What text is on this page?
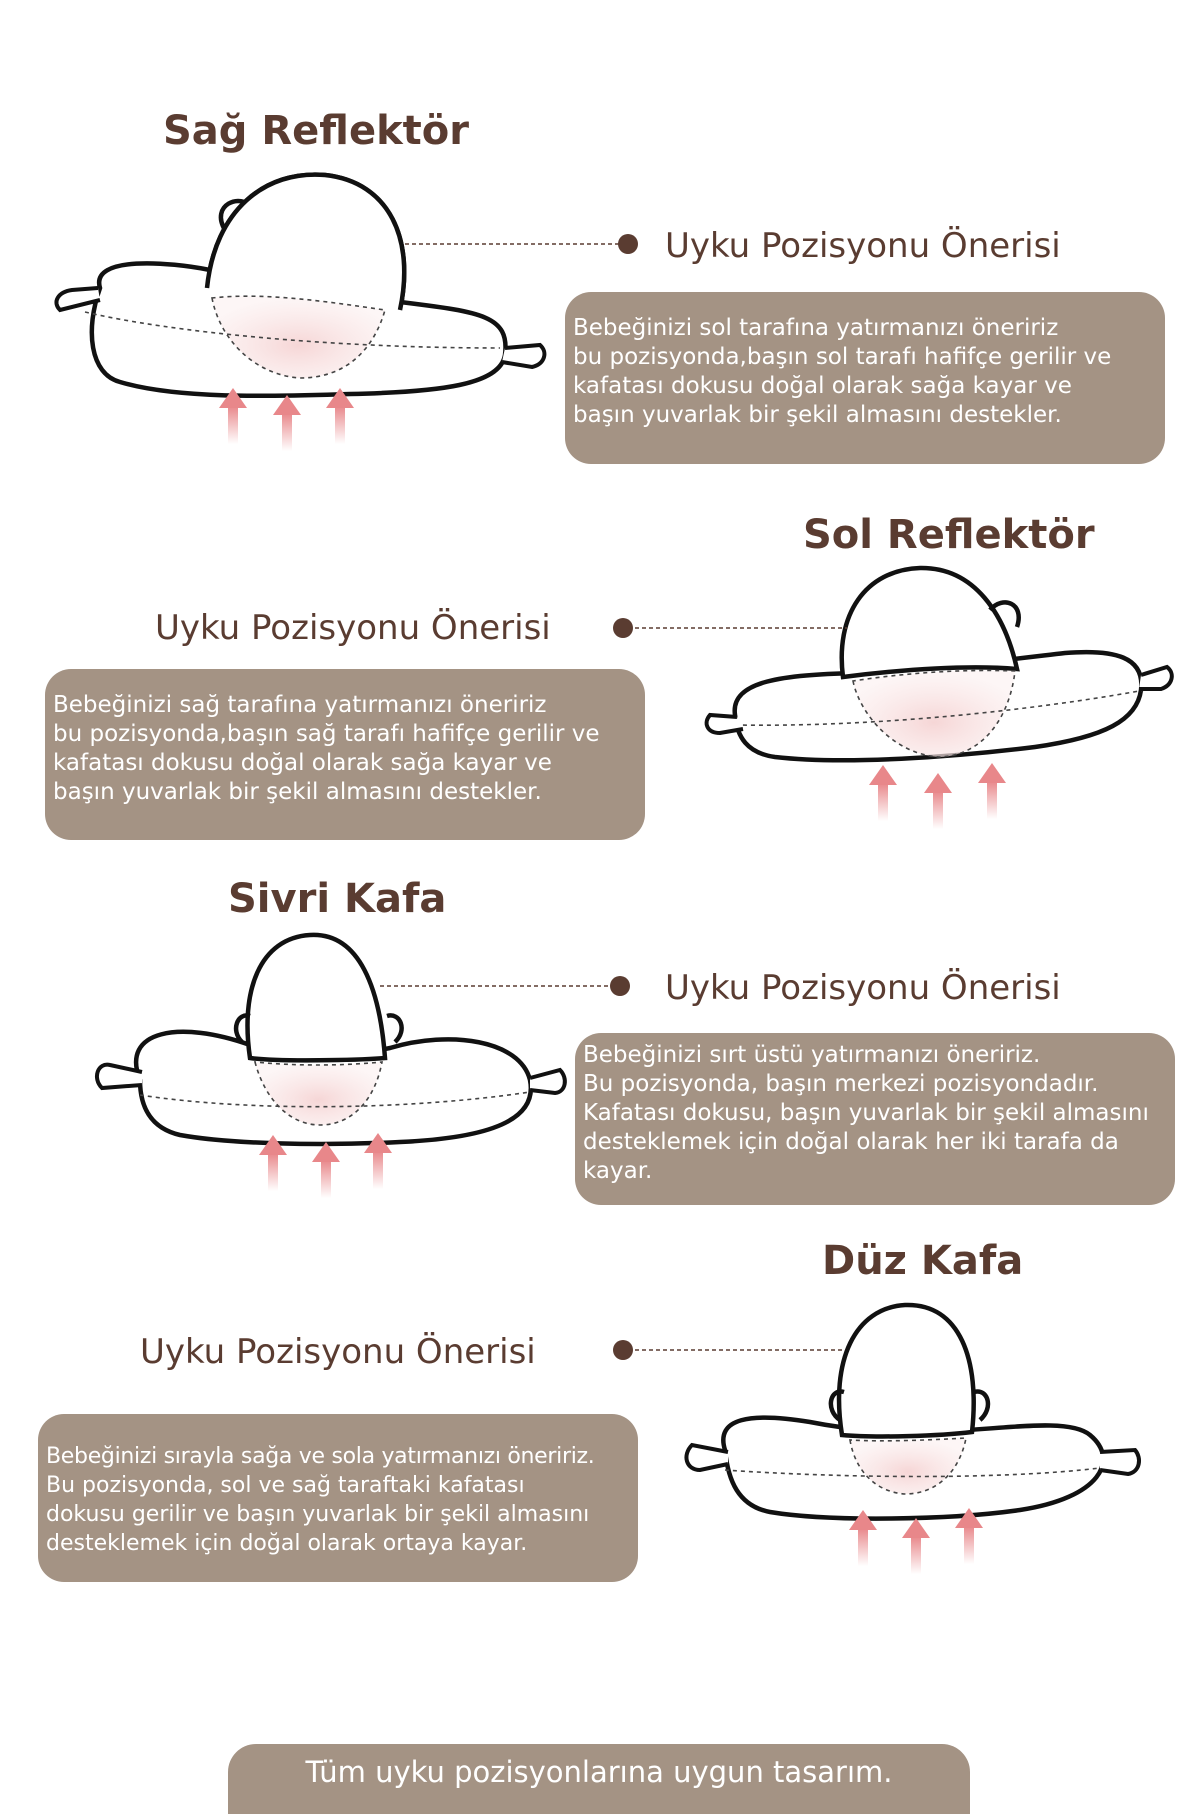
Sağ Reflektör
Uyku Pozisyonu Önerisi
Bebeğinizi sol tarafına yatırmanızı öneririz
bu pozisyonda,başın sol tarafı hafifçe gerilir ve
kafatası dokusu doğal olarak sağa kayar ve
başın yuvarlak bir şekil almasını destekler.
Sol Reflektör
Uyku Pozisyonu Önerisi
Bebeğinizi sağ tarafına yatırmanızı öneririz
bu pozisyonda,başın sağ tarafı hafifçe gerilir ve
kafatası dokusu doğal olarak sağa kayar ve
başın yuvarlak bir şekil almasını destekler.
Sivri Kafa
Uyku Pozisyonu Önerisi
Bebeğinizi sırt üstü yatırmanızı öneririz.
Bu pozisyonda, başın merkezi pozisyondadır.
Kafatası dokusu, başın yuvarlak bir şekil almasını
desteklemek için doğal olarak her iki tarafa da
kayar.
Düz Kafa
Uyku Pozisyonu Önerisi
Bebeğinizi sırayla sağa ve sola yatırmanızı öneririz.
Bu pozisyonda, sol ve sağ taraftaki kafatası
dokusu gerilir ve başın yuvarlak bir şekil almasını
desteklemek için doğal olarak ortaya kayar.
Tüm uyku pozisyonlarına uygun tasarım.
